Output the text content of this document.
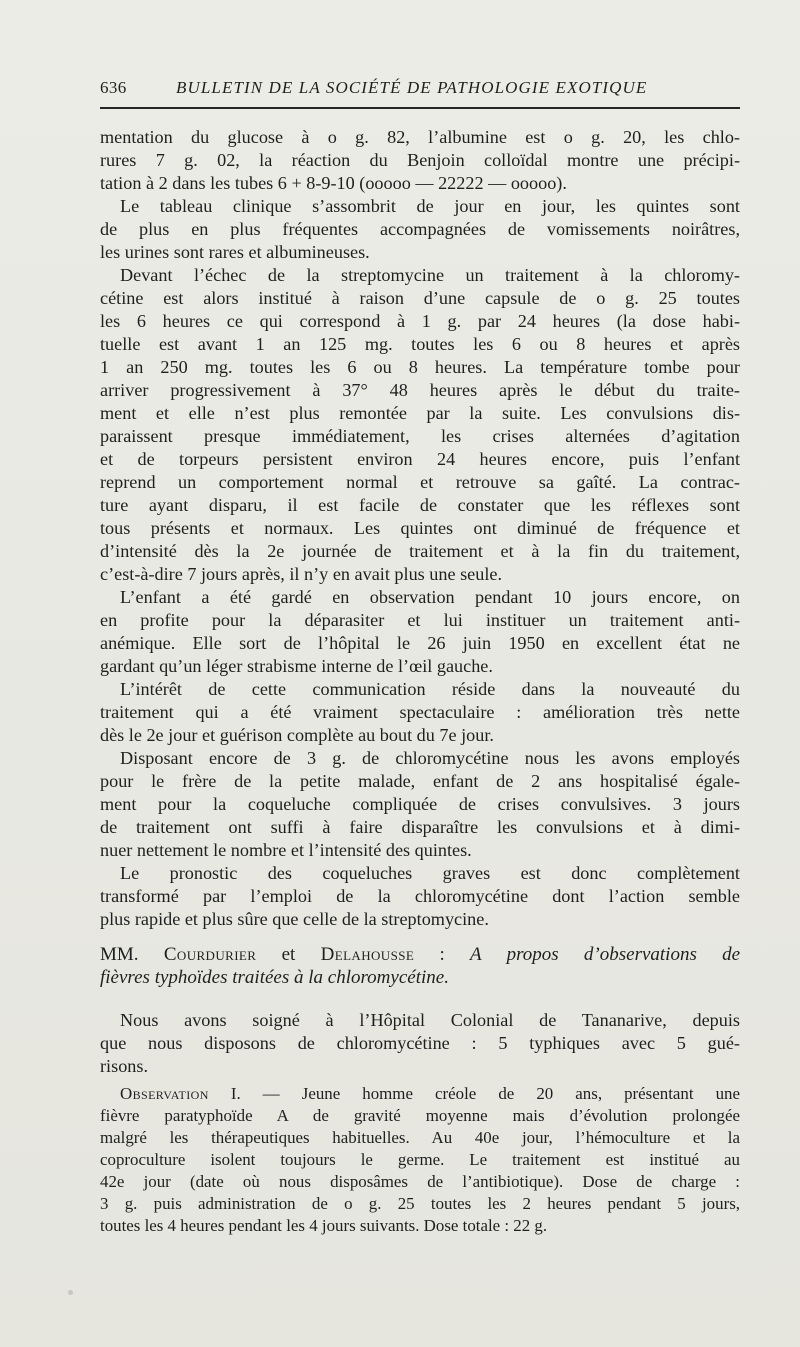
636	BULLETIN DE LA SOCIÉTÉ DE PATHOLOGIE EXOTIQUE
mentation du glucose à o g. 82, l’albumine est o g. 20, les chlo-
rures 7 g. 02, la réaction du Benjoin colloïdal montre une précipi-
tation à 2 dans les tubes 6 + 8-9-10 (ooooo — 22222 — ooooo).
Le tableau clinique s’assombrit de jour en jour, les quintes sont
de plus en plus fréquentes accompagnées de vomissements noirâtres,
les urines sont rares et albumineuses.
Devant l’échec de la streptomycine un traitement à la chloromy-
cétine est alors institué à raison d’une capsule de o g. 25 toutes
les 6 heures ce qui correspond à 1 g. par 24 heures (la dose habi-
tuelle est avant 1 an 125 mg. toutes les 6 ou 8 heures et après
1 an 250 mg. toutes les 6 ou 8 heures. La température tombe pour
arriver progressivement à 37° 48 heures après le début du traite-
ment et elle n’est plus remontée par la suite. Les convulsions dis-
paraissent presque immédiatement, les crises alternées d’agitation
et de torpeurs persistent environ 24 heures encore, puis l’enfant
reprend un comportement normal et retrouve sa gaîté. La contrac-
ture ayant disparu, il est facile de constater que les réflexes sont
tous présents et normaux. Les quintes ont diminué de fréquence et
d’intensité dès la 2e journée de traitement et à la fin du traitement,
c’est-à-dire 7 jours après, il n’y en avait plus une seule.
L’enfant a été gardé en observation pendant 10 jours encore, on
en profite pour la déparasiter et lui instituer un traitement anti-
anémique. Elle sort de l’hôpital le 26 juin 1950 en excellent état ne
gardant qu’un léger strabisme interne de l’œil gauche.
L’intérêt de cette communication réside dans la nouveauté du
traitement qui a été vraiment spectaculaire : amélioration très nette
dès le 2e jour et guérison complète au bout du 7e jour.
Disposant encore de 3 g. de chloromycétine nous les avons employés
pour le frère de la petite malade, enfant de 2 ans hospitalisé égale-
ment pour la coqueluche compliquée de crises convulsives. 3 jours
de traitement ont suffi à faire disparaître les convulsions et à dimi-
nuer nettement le nombre et l’intensité des quintes.
Le pronostic des coqueluches graves est donc complètement
transformé par l’emploi de la chloromycétine dont l’action semble
plus rapide et plus sûre que celle de la streptomycine.
MM. Courdurier et Delahousse : A propos d’observations de
fièvres typhoïdes traitées à la chloromycétine.
Nous avons soigné à l’Hôpital Colonial de Tananarive, depuis
que nous disposons de chloromycétine : 5 typhiques avec 5 gué-
risons.
Observation I. — Jeune homme créole de 20 ans, présentant une
fièvre paratyphoïde A de gravité moyenne mais d’évolution prolongée
malgré les thérapeutiques habituelles. Au 40e jour, l’hémoculture et la
coproculture isolent toujours le germe. Le traitement est institué au
42e jour (date où nous disposâmes de l’antibiotique). Dose de charge :
3 g. puis administration de o g. 25 toutes les 2 heures pendant 5 jours,
toutes les 4 heures pendant les 4 jours suivants. Dose totale : 22 g.
